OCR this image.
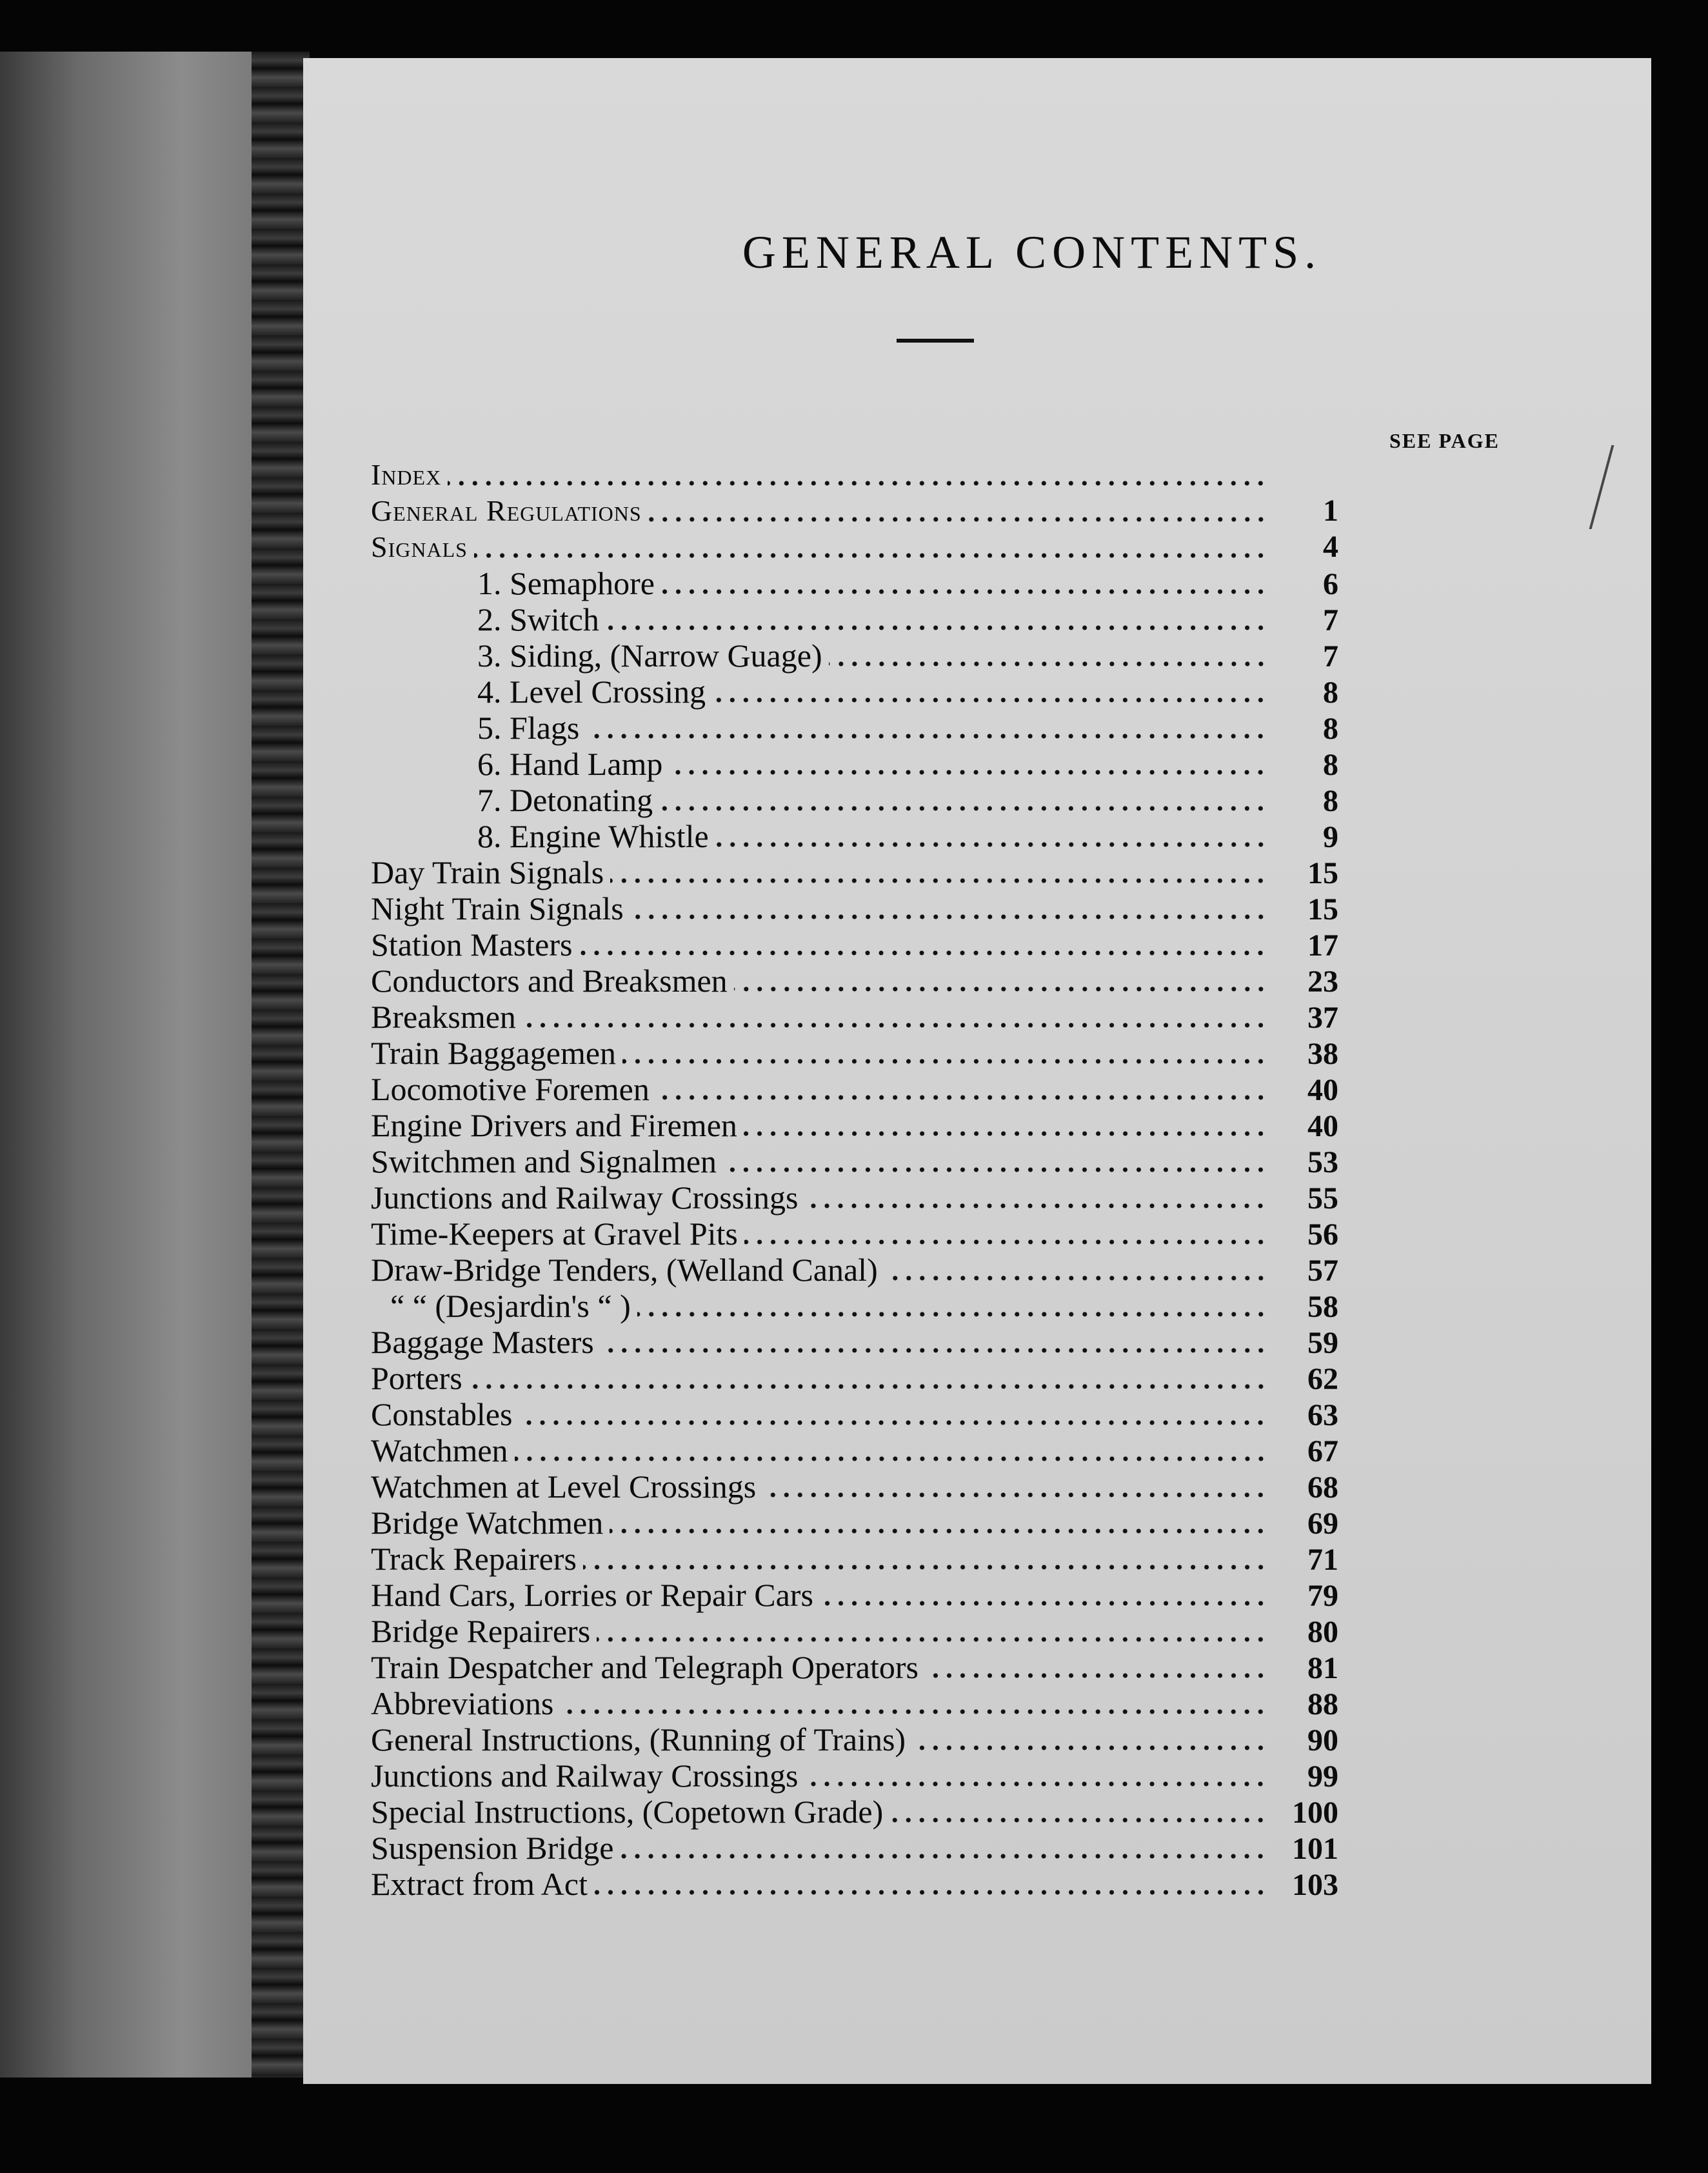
GENERAL CONTENTS.
SEE PAGE
Index
General Regulations	1
Signals	4
1. Semaphore	6
2. Switch	7
3. Siding, (Narrow Guage)	7
4. Level Crossing	8
5. Flags	8
6. Hand Lamp	8
7. Detonating	8
8. Engine Whistle	9
Day Train Signals	15
Night Train Signals	15
Station Masters	17
Conductors and Breaksmen	23
Breaksmen	37
Train Baggagemen	38
Locomotive Foremen	40
Engine Drivers and Firemen	40
Switchmen and Signalmen	53
Junctions and Railway Crossings	55
Time-Keepers at Gravel Pits	56
Draw-Bridge Tenders, (Welland Canal)	57
“ “ (Desjardin's “ )	58
Baggage Masters	59
Porters	62
Constables	63
Watchmen	67
Watchmen at Level Crossings	68
Bridge Watchmen	69
Track Repairers	71
Hand Cars, Lorries or Repair Cars	79
Bridge Repairers	80
Train Despatcher and Telegraph Operators	81
Abbreviations	88
General Instructions, (Running of Trains)	90
Junctions and Railway Crossings	99
Special Instructions, (Copetown Grade)	100
Suspension Bridge	101
Extract from Act	103
